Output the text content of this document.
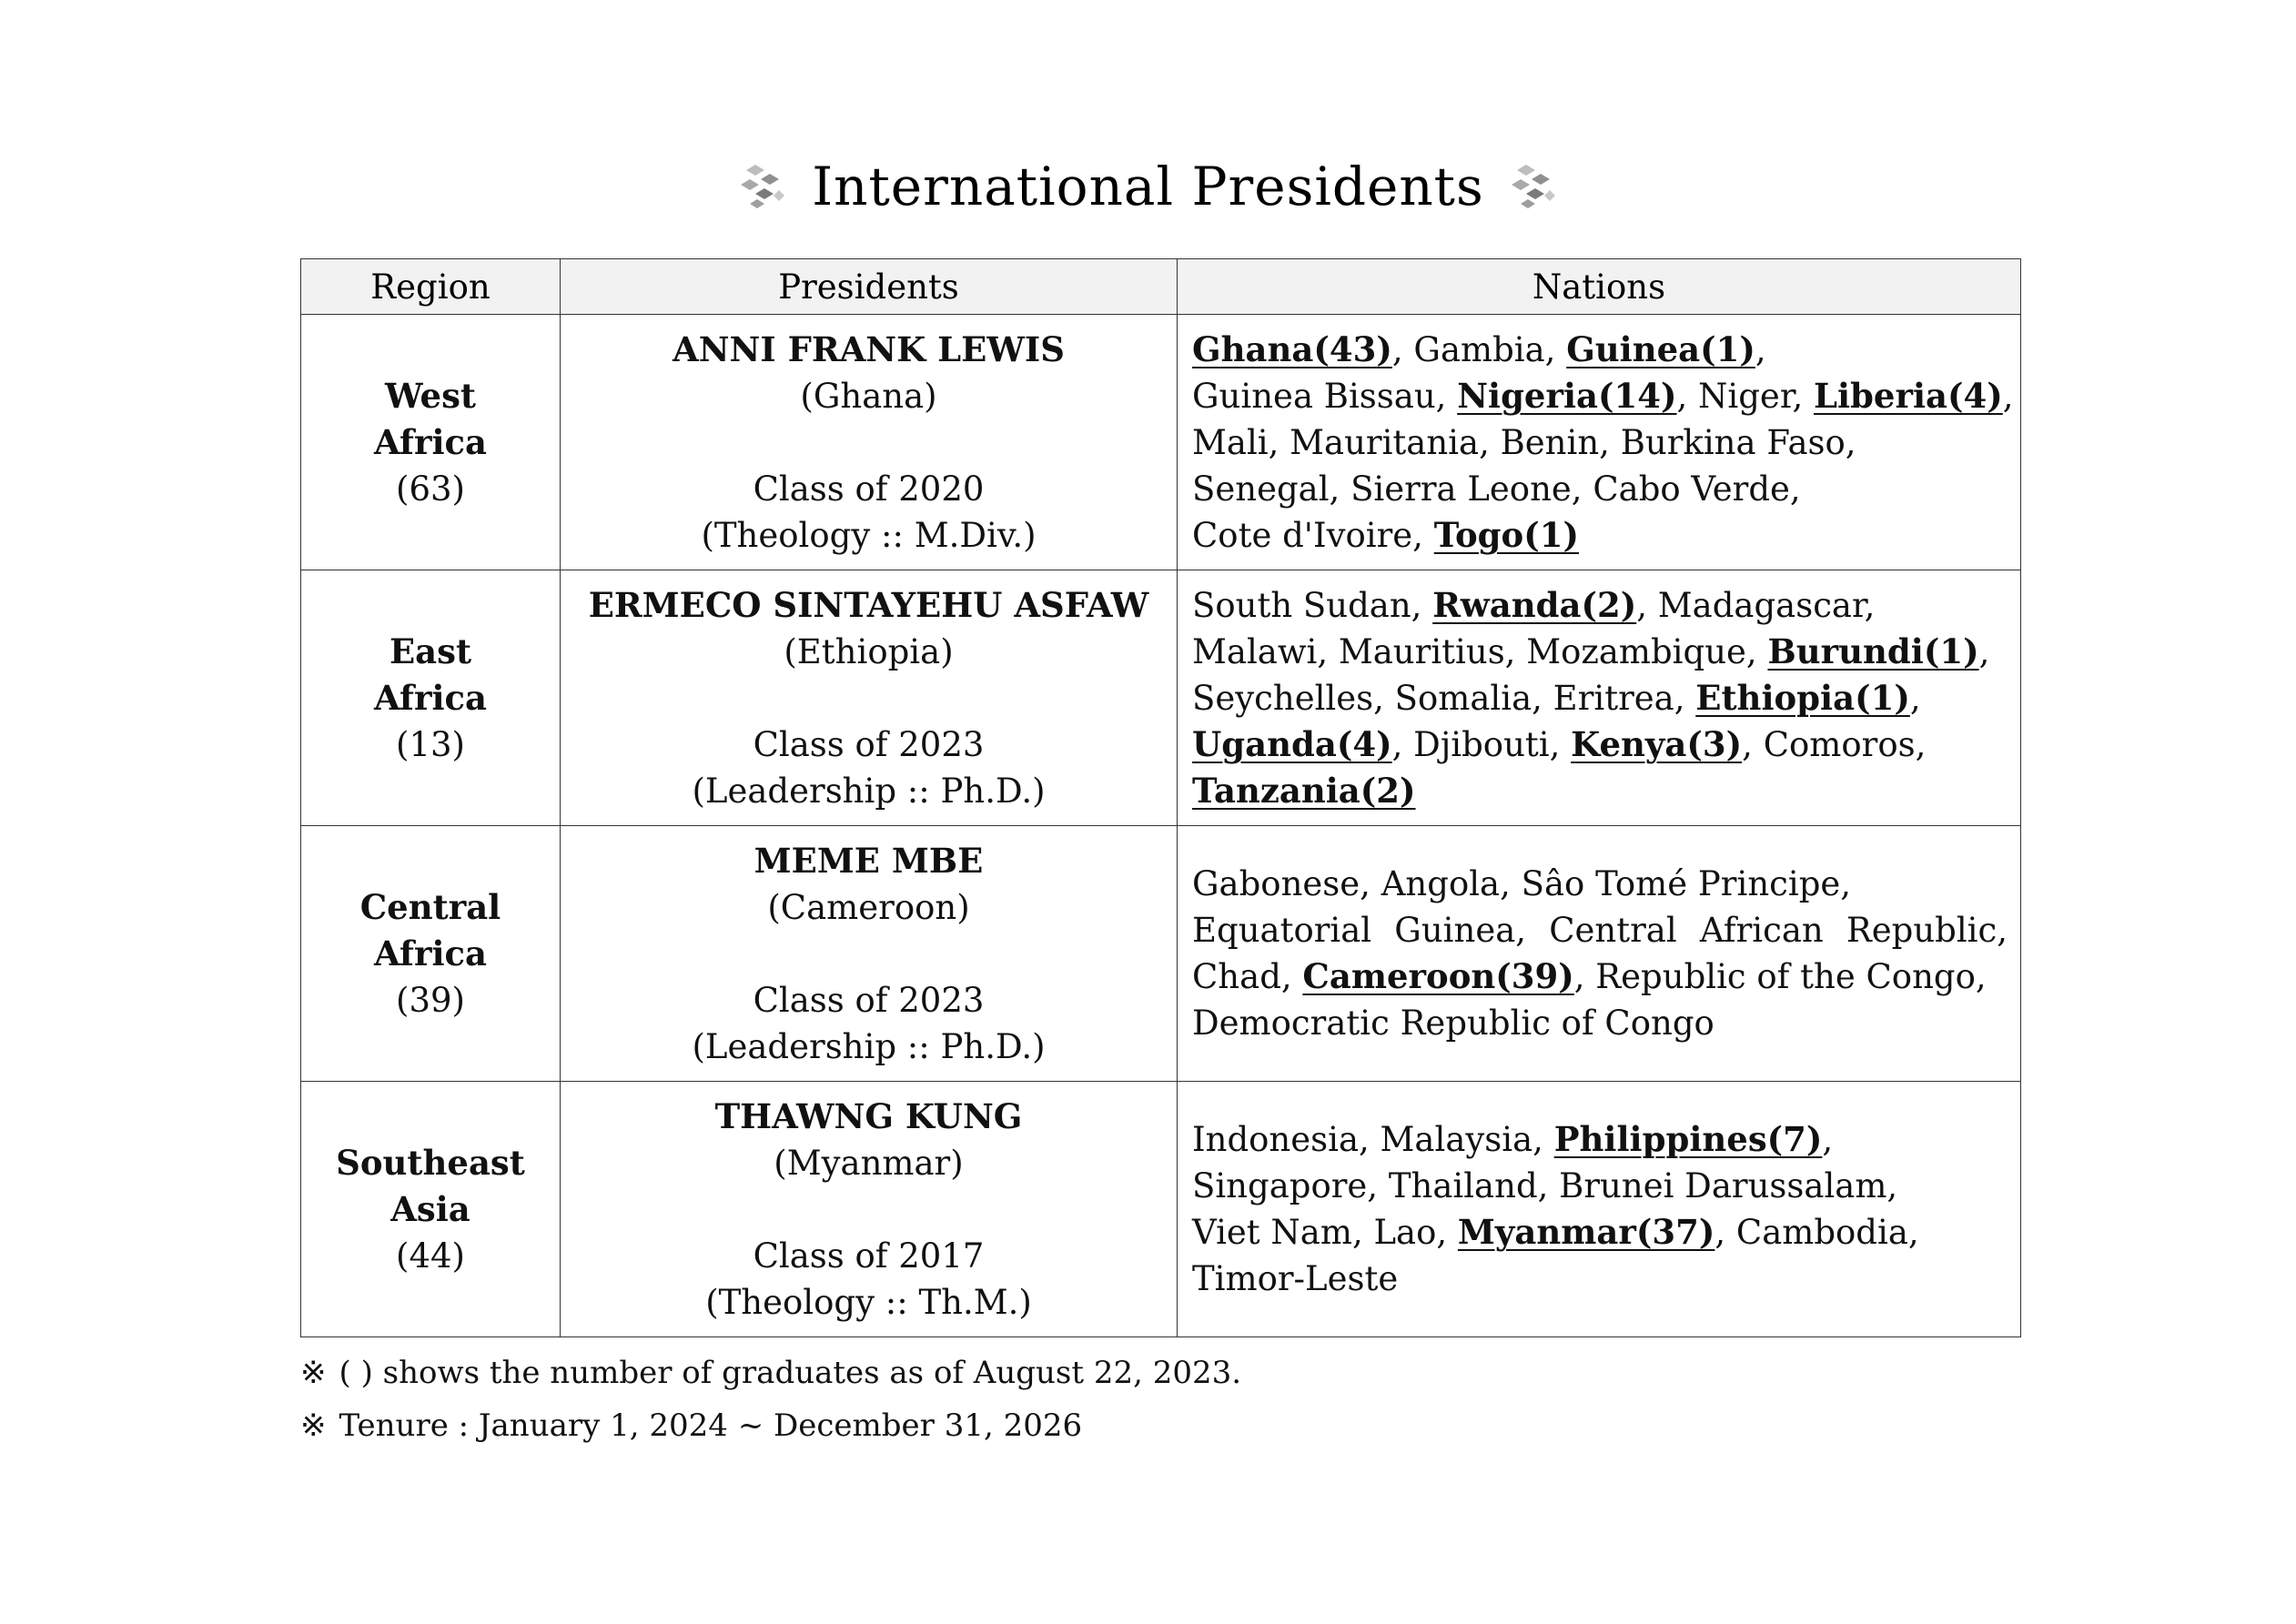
International Presidents
Region	Presidents	Nations

West
Africa
(63)	ANNI FRANK LEWIS
(Ghana)
Class of 2020
(Theology :: M.Div.)	Ghana(43), Gambia, Guinea(1),
Guinea Bissau, Nigeria(14), Niger, Liberia(4),
Mali, Mauritania, Benin, Burkina Faso,
Senegal, Sierra Leone, Cabo Verde,
Cote d'Ivoire, Togo(1)

East
Africa
(13)	ERMECO SINTAYEHU ASFAW
(Ethiopia)
Class of 2023
(Leadership :: Ph.D.)	South Sudan, Rwanda(2), Madagascar,
Malawi, Mauritius, Mozambique, Burundi(1),
Seychelles, Somalia, Eritrea, Ethiopia(1),
Uganda(4), Djibouti, Kenya(3), Comoros,
Tanzania(2)

Central
Africa
(39)	MEME MBE
(Cameroon)
Class of 2023
(Leadership :: Ph.D.)	Gabonese, Angola, Sâo Tomé Principe,
Equatorial Guinea, Central African Republic,
Chad, Cameroon(39), Republic of the Congo,
Democratic Republic of Congo

Southeast
Asia
(44)	THAWNG KUNG
(Myanmar)
Class of 2017
(Theology :: Th.M.)	Indonesia, Malaysia, Philippines(7),
Singapore, Thailand, Brunei Darussalam,
Viet Nam, Lao, Myanmar(37), Cambodia,
Timor-Leste
※ ( ) shows the number of graduates as of August 22, 2023.
※ Tenure : January 1, 2024 ~ December 31, 2026
